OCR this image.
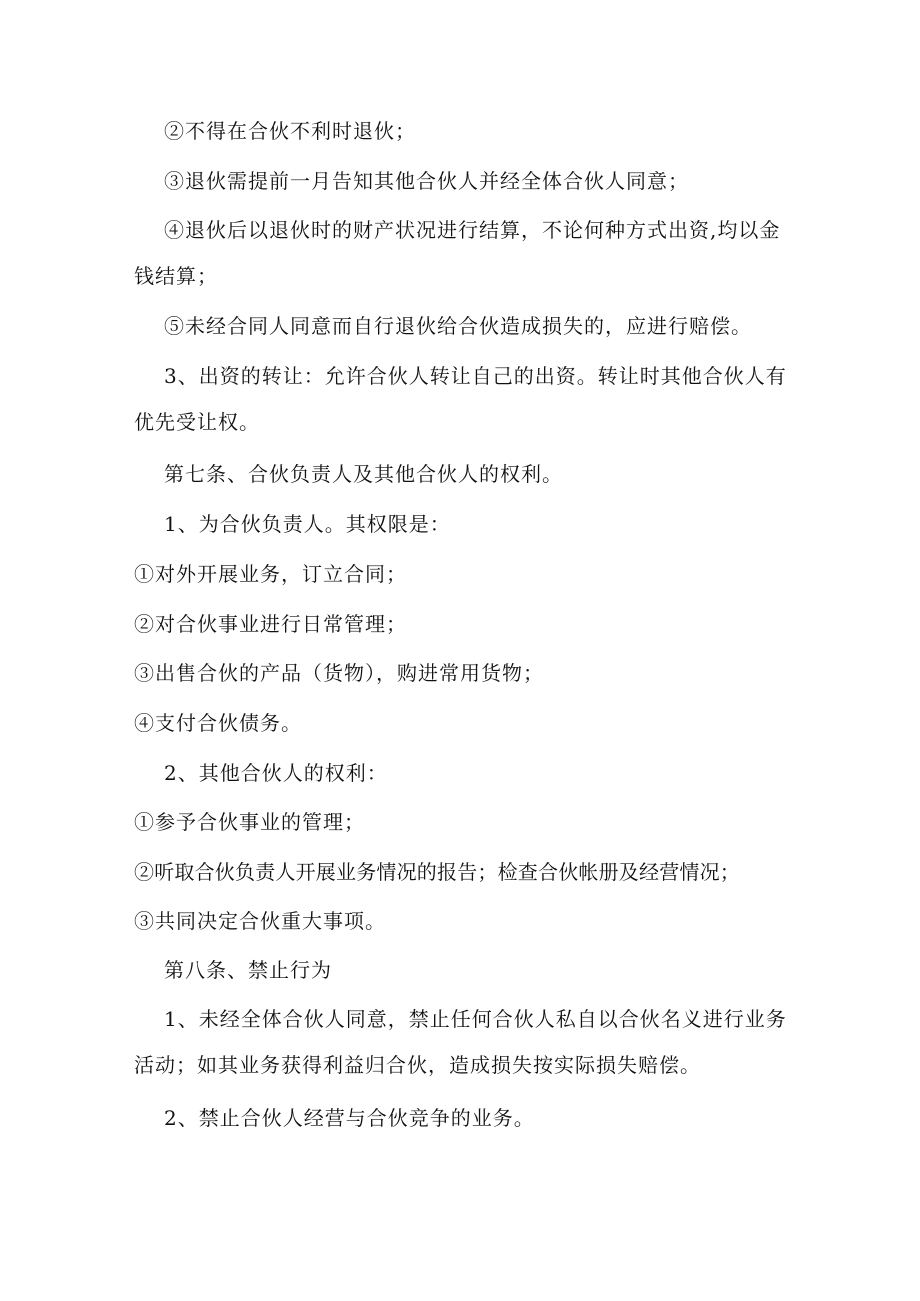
②不得在合伙不利时退伙；

③退伙需提前一月告知其他合伙人并经全体合伙人同意；

④退伙后以退伙时的财产状况进行结算，不论何种方式出资,均以金钱结算；

⑤未经合同人同意而自行退伙给合伙造成损失的，应进行赔偿。

3、出资的转让：允许合伙人转让自己的出资。转让时其他合伙人有优先受让权。

第七条、合伙负责人及其他合伙人的权利。

1、为合伙负责人。其权限是：

①对外开展业务，订立合同；

②对合伙事业进行日常管理；

③出售合伙的产品（货物），购进常用货物；

④支付合伙债务。

2、其他合伙人的权利：

①参予合伙事业的管理；

②听取合伙负责人开展业务情况的报告；检查合伙帐册及经营情况；

③共同决定合伙重大事项。

第八条、禁止行为

1、未经全体合伙人同意，禁止任何合伙人私自以合伙名义进行业务活动；如其业务获得利益归合伙，造成损失按实际损失赔偿。

2、禁止合伙人经营与合伙竞争的业务。
